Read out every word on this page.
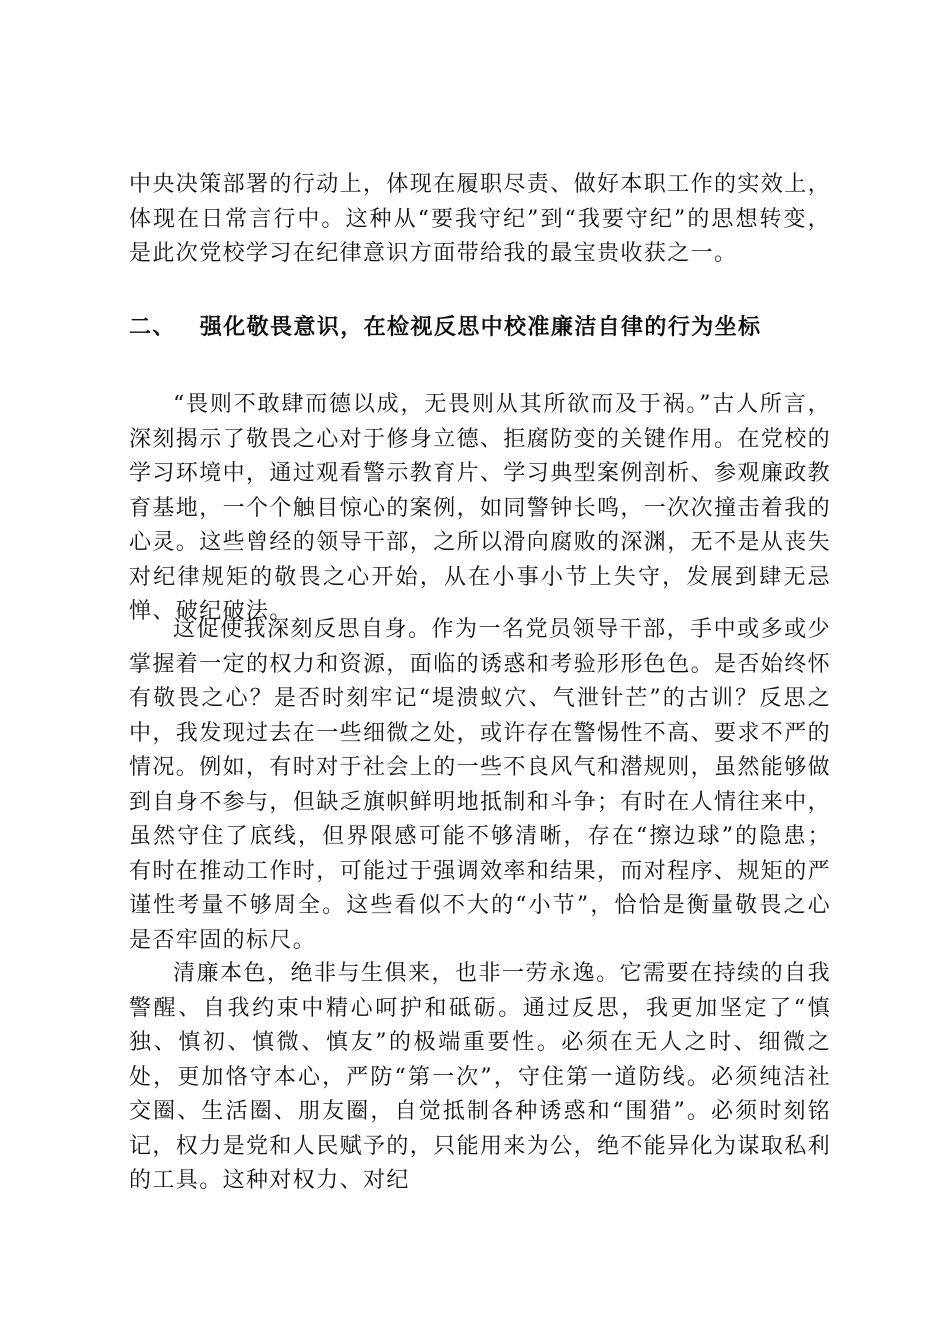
中央决策部署的行动上，体现在履职尽责、做好本职工作的实效上，体现在日常言行中。这种从“要我守纪”到“我要守纪”的思想转变，是此次党校学习在纪律意识方面带给我的最宝贵收获之一。

二、 强化敬畏意识，在检视反思中校准廉洁自律的行为坐标

“畏则不敢肆而德以成，无畏则从其所欲而及于祸。”古人所言，深刻揭示了敬畏之心对于修身立德、拒腐防变的关键作用。在党校的学习环境中，通过观看警示教育片、学习典型案例剖析、参观廉政教育基地，一个个触目惊心的案例，如同警钟长鸣，一次次撞击着我的心灵。这些曾经的领导干部，之所以滑向腐败的深渊，无不是从丧失对纪律规矩的敬畏之心开始，从在小事小节上失守，发展到肆无忌惮、破纪破法。

这促使我深刻反思自身。作为一名党员领导干部，手中或多或少掌握着一定的权力和资源，面临的诱惑和考验形形色色。是否始终怀有敬畏之心？是否时刻牢记“堤溃蚁穴、气泄针芒”的古训？反思之中，我发现过去在一些细微之处，或许存在警惕性不高、要求不严的情况。例如，有时对于社会上的一些不良风气和潜规则，虽然能够做到自身不参与，但缺乏旗帜鲜明地抵制和斗争；有时在人情往来中，虽然守住了底线，但界限感可能不够清晰，存在“擦边球”的隐患；有时在推动工作时，可能过于强调效率和结果，而对程序、规矩的严谨性考量不够周全。这些看似不大的“小节”，恰恰是衡量敬畏之心是否牢固的标尺。

清廉本色，绝非与生俱来，也非一劳永逸。它需要在持续的自我警醒、自我约束中精心呵护和砥砺。通过反思，我更加坚定了“慎独、慎初、慎微、慎友”的极端重要性。必须在无人之时、细微之处，更加恪守本心，严防“第一次”，守住第一道防线。必须纯洁社交圈、生活圈、朋友圈，自觉抵制各种诱惑和“围猎”。必须时刻铭记，权力是党和人民赋予的，只能用来为公，绝不能异化为谋取私利的工具。这种对权力、对纪
